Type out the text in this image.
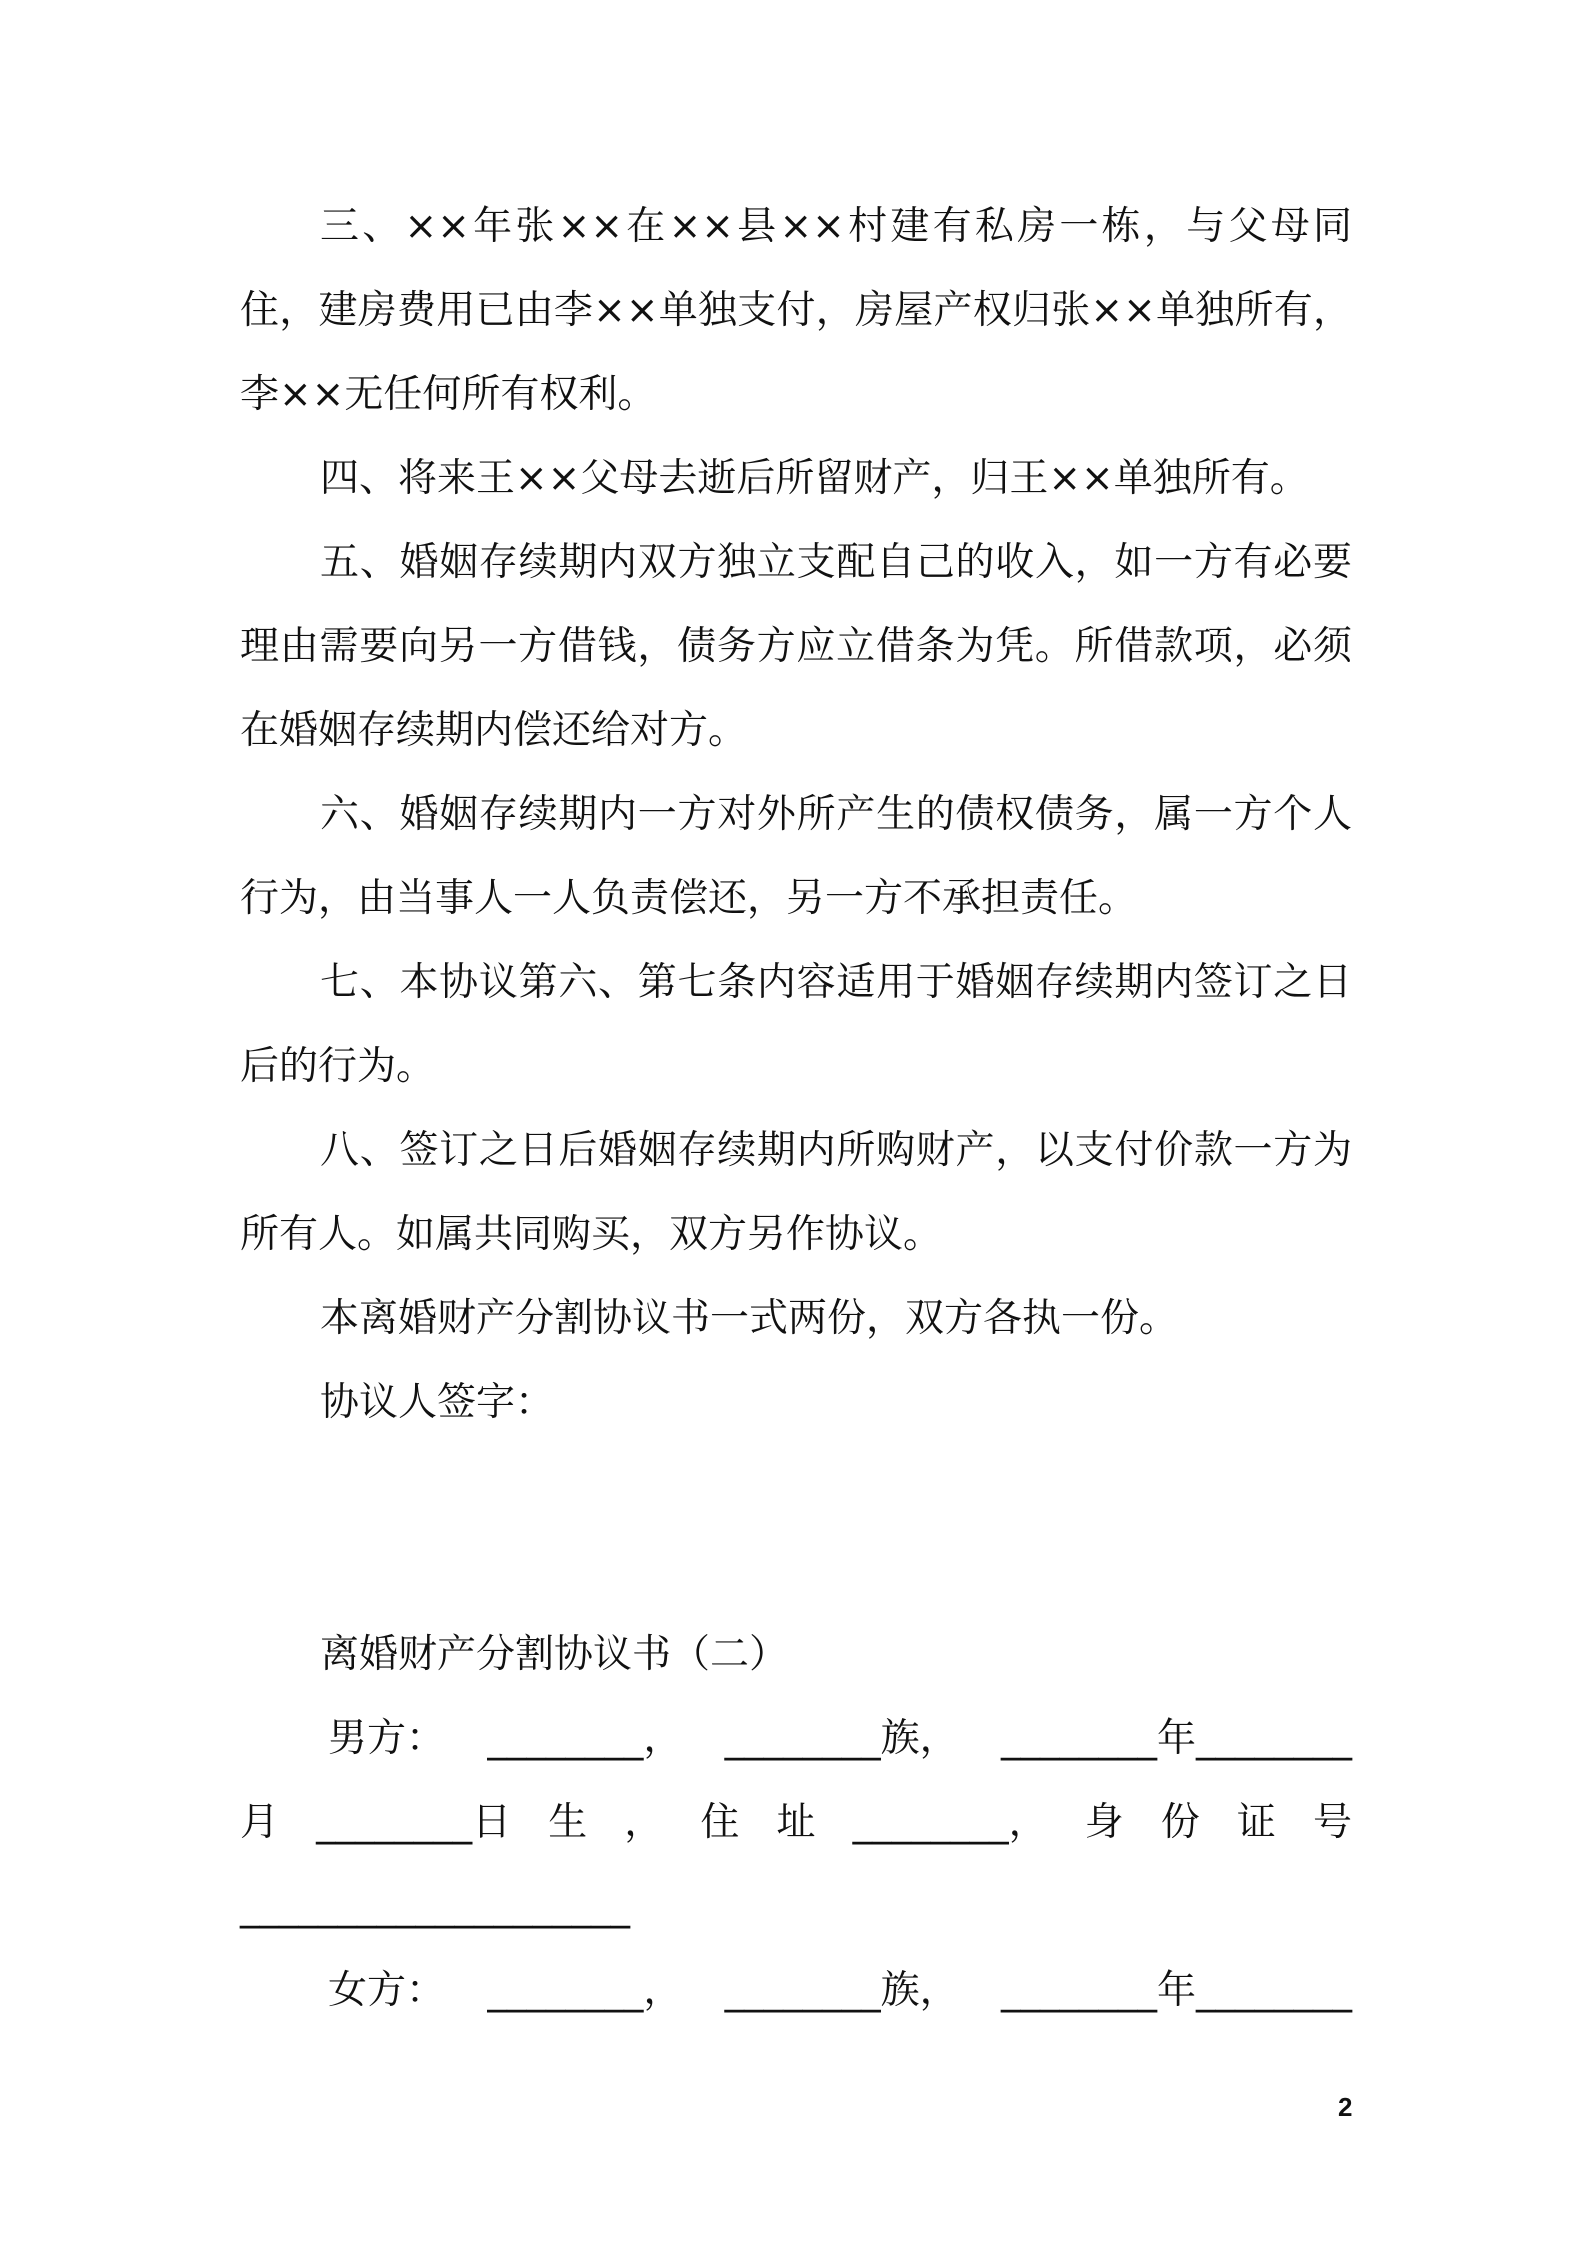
三、××年张××在××县××村建有私房一栋，与父母同住，建房费用已由李××单独支付，房屋产权归张××单独所有，李××无任何所有权利。

四、将来王××父母去逝后所留财产，归王××单独所有。

五、婚姻存续期内双方独立支配自己的收入，如一方有必要理由需要向另一方借钱，债务方应立借条为凭。所借款项，必须在婚姻存续期内偿还给对方。

六、婚姻存续期内一方对外所产生的债权债务，属一方个人行为，由当事人一人负责偿还，另一方不承担责任。

七、本协议第六、第七条内容适用于婚姻存续期内签订之日后的行为。

八、签订之日后婚姻存续期内所购财产，以支付价款一方为所有人。如属共同购买，双方另作协议。

本离婚财产分割协议书一式两份，双方各执一份。

协议人签字：

离婚财产分割协议书（二）

男方： ________， ________族， ________年________
月 ________日 生 ， 住 址 ________， 身 份 证 号
____________________
女方： ________， ________族， ________年________
2
